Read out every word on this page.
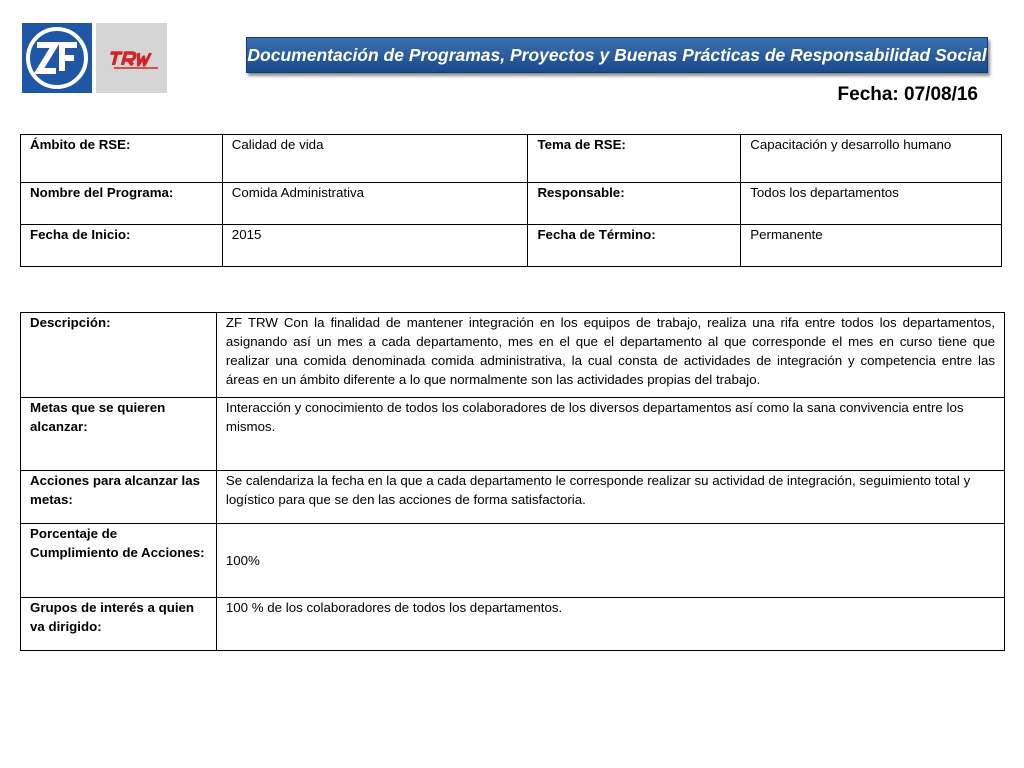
Documentación de Programas, Proyectos y Buenas Prácticas de Responsabilidad Social
Fecha: 07/08/16
Ámbito de RSE:	Calidad de vida	Tema de RSE:	Capacitación y desarrollo humano
Nombre del Programa:	Comida Administrativa	Responsable:	Todos los departamentos
Fecha de Inicio:	2015	Fecha de Término:	Permanente
Descripción:	ZF TRW Con la finalidad de mantener integración en los equipos de trabajo, realiza una rifa entre todos los departamentos, asignando así un mes a cada departamento, mes en el que el departamento al que corresponde el mes en curso tiene que realizar una comida denominada comida administrativa, la cual consta de actividades de integración y competencia entre las áreas en un ámbito diferente a lo que normalmente son las actividades propias del trabajo.
Metas que se quieren alcanzar:	Interacción y conocimiento de todos los colaboradores de los diversos departamentos así como la sana convivencia entre los mismos.
Acciones para alcanzar las metas:	Se calendariza la fecha en la que a cada departamento le corresponde realizar su actividad de integración, seguimiento total y logístico para que se den las acciones de forma satisfactoria.
Porcentaje de Cumplimiento de Acciones:	100%
Grupos de interés a quien va dirigido:	100 % de los colaboradores de todos los departamentos.
